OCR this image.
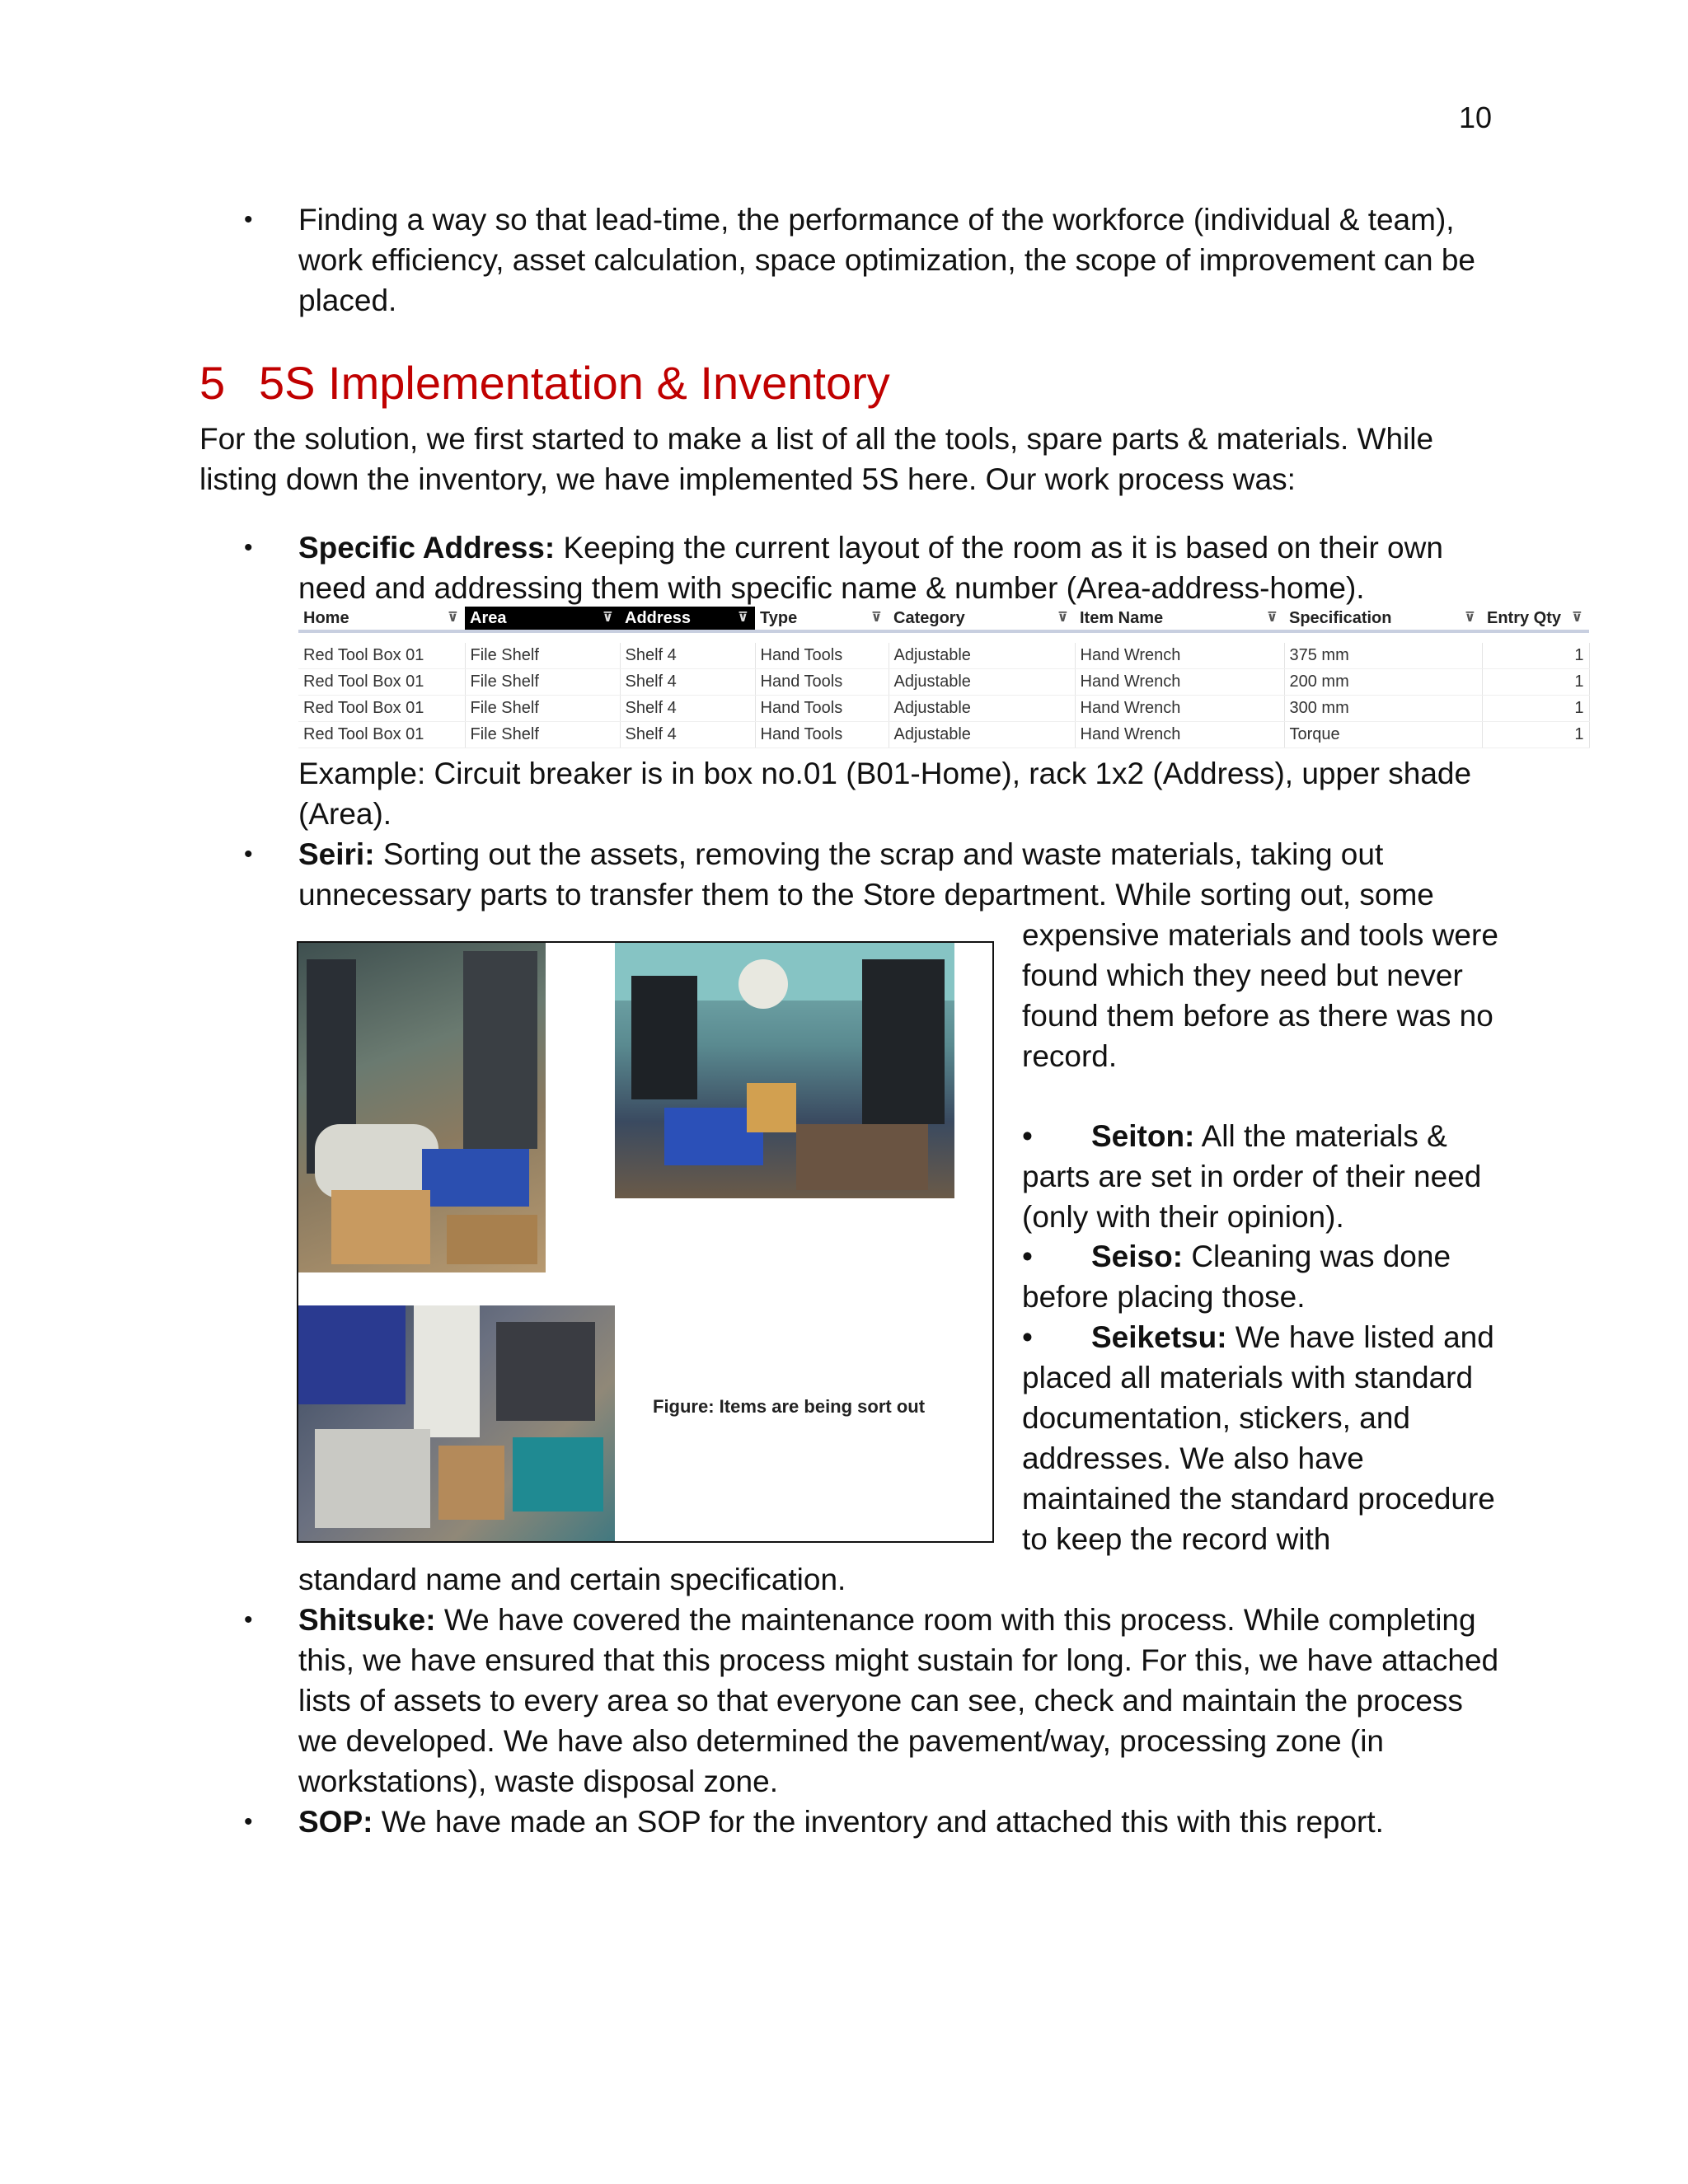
10
• Finding a way so that lead-time, the performance of the workforce (individual & team), work efficiency, asset calculation, space optimization, the scope of improvement can be placed.
5 5S Implementation & Inventory
For the solution, we first started to make a list of all the tools, spare parts & materials. While listing down the inventory, we have implemented 5S here. Our work process was:
• Specific Address: Keeping the current layout of the room as it is based on their own need and addressing them with specific name & number (Area-address-home).
Home ⊽	Area ⊽	Address ⊽	Type ⊽	Category ⊽	Item Name ⊽	Specification ⊽	Entry Qty ⊽

Red Tool Box 01	File Shelf	Shelf 4	Hand Tools	Adjustable	Hand Wrench	375 mm	1
Red Tool Box 01	File Shelf	Shelf 4	Hand Tools	Adjustable	Hand Wrench	200 mm	1
Red Tool Box 01	File Shelf	Shelf 4	Hand Tools	Adjustable	Hand Wrench	300 mm	1
Red Tool Box 01	File Shelf	Shelf 4	Hand Tools	Adjustable	Hand Wrench	Torque	1
Example: Circuit breaker is in box no.01 (B01-Home), rack 1x2 (Address), upper shade (Area).
• Seiri: Sorting out the assets, removing the scrap and waste materials, taking out unnecessary parts to transfer them to the Store department. While sorting out, some
Figure: Items are being sort out
expensive materials and tools were found which they need but never found them before as there was no record.
• Seiton: All the materials & parts are set in order of their need (only with their opinion).
• Seiso: Cleaning was done before placing those.
• Seiketsu: We have listed and placed all materials with standard documentation, stickers, and addresses. We also have maintained the standard procedure to keep the record with
standard name and certain specification.
• Shitsuke: We have covered the maintenance room with this process. While completing this, we have ensured that this process might sustain for long. For this, we have attached lists of assets to every area so that everyone can see, check and maintain the process we developed. We have also determined the pavement/way, processing zone (in workstations), waste disposal zone.
• SOP: We have made an SOP for the inventory and attached this with this report.
